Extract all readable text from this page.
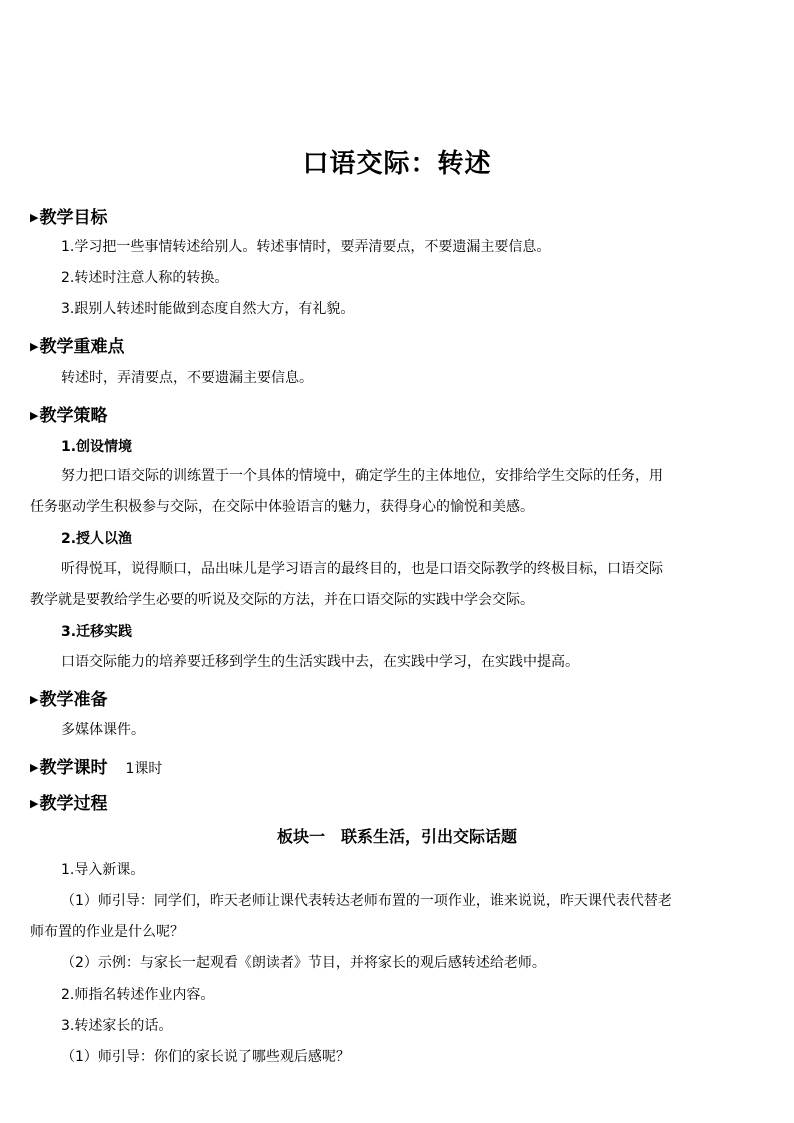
口语交际：转述
▶教学目标
1.学习把一些事情转述给别人。转述事情时，要弄清要点，不要遗漏主要信息。
2.转述时注意人称的转换。
3.跟别人转述时能做到态度自然大方，有礼貌。
▶教学重难点
转述时，弄清要点，不要遗漏主要信息。
▶教学策略
1.创设情境
努力把口语交际的训练置于一个具体的情境中，确定学生的主体地位，安排给学生交际的任务，用
任务驱动学生积极参与交际，在交际中体验语言的魅力，获得身心的愉悦和美感。
2.授人以渔
听得悦耳，说得顺口，品出味儿是学习语言的最终目的，也是口语交际教学的终极目标，口语交际
教学就是要教给学生必要的听说及交际的方法，并在口语交际的实践中学会交际。
3.迁移实践
口语交际能力的培养要迁移到学生的生活实践中去，在实践中学习，在实践中提高。
▶教学准备
多媒体课件。
▶教学课时 1课时
▶教学过程
板块一　联系生活，引出交际话题
1.导入新课。
（1）师引导：同学们，昨天老师让课代表转达老师布置的一项作业，谁来说说，昨天课代表代替老
师布置的作业是什么呢？
（2）示例：与家长一起观看《朗读者》节目，并将家长的观后感转述给老师。
2.师指名转述作业内容。
3.转述家长的话。
（1）师引导：你们的家长说了哪些观后感呢？
